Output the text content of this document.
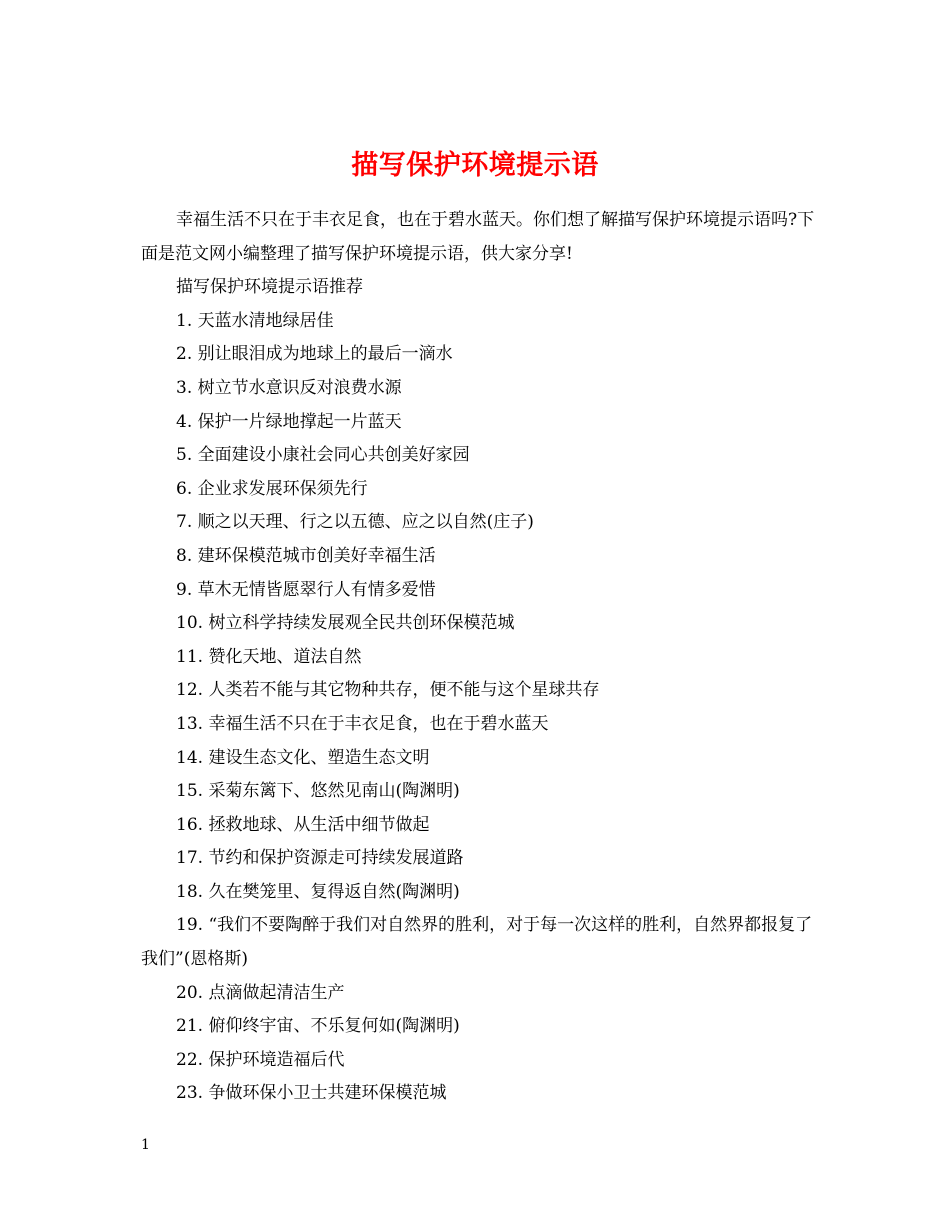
描写保护环境提示语

幸福生活不只在于丰衣足食，也在于碧水蓝天。你们想了解描写保护环境提示语吗?下面是范文网小编整理了描写保护环境提示语，供大家分享!

描写保护环境提示语推荐

1. 天蓝水清地绿居佳
2. 别让眼泪成为地球上的最后一滴水
3. 树立节水意识反对浪费水源
4. 保护一片绿地撑起一片蓝天
5. 全面建设小康社会同心共创美好家园
6. 企业求发展环保须先行
7. 顺之以天理、行之以五德、应之以自然(庄子)
8. 建环保模范城市创美好幸福生活
9. 草木无情皆愿翠行人有情多爱惜
10. 树立科学持续发展观全民共创环保模范城
11. 赞化天地、道法自然
12. 人类若不能与其它物种共存，便不能与这个星球共存
13. 幸福生活不只在于丰衣足食，也在于碧水蓝天
14. 建设生态文化、塑造生态文明
15. 采菊东篱下、悠然见南山(陶渊明)
16. 拯救地球、从生活中细节做起
17. 节约和保护资源走可持续发展道路
18. 久在樊笼里、复得返自然(陶渊明)
19. “我们不要陶醉于我们对自然界的胜利，对于每一次这样的胜利，自然界都报复了我们”(恩格斯)
20. 点滴做起清洁生产
21. 俯仰终宇宙、不乐复何如(陶渊明)
22. 保护环境造福后代
23. 争做环保小卫士共建环保模范城
1
